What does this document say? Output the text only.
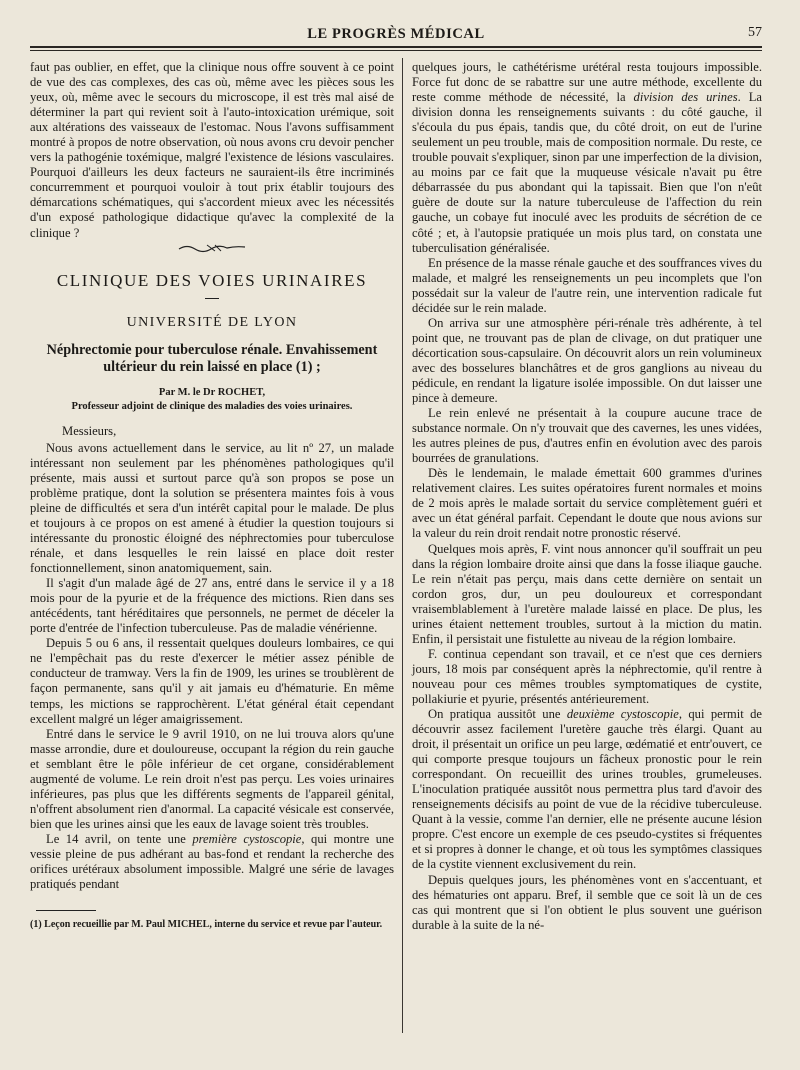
LE PROGRÈS MÉDICAL	57

faut pas oublier, en effet, que la clinique nous offre souvent à ce point de vue des cas complexes, des cas où, même avec les pièces sous les yeux, où, même avec le secours du microscope, il est très mal aisé de déterminer la part qui revient soit à l'auto-intoxication urémique, soit aux altérations des vaisseaux de l'estomac. Nous l'avons suffisamment montré à propos de notre observation, où nous avons cru devoir pencher vers la pathogénie toxémique, malgré l'existence de lésions vasculaires. Pourquoi d'ailleurs les deux facteurs ne sauraient-ils être incriminés concurremment et pourquoi vouloir à tout prix établir toujours des démarcations schématiques, qui s'accordent mieux avec les nécessités d'un exposé pathologique didactique qu'avec la complexité de la clinique ?

CLINIQUE DES VOIES URINAIRES
UNIVERSITÉ DE LYON
Néphrectomie pour tuberculose rénale. Envahissement ultérieur du rein laissé en place (1) ;
Par M. le Dr ROCHET,
Professeur adjoint de clinique des maladies des voies urinaires.

Messieurs,

Nous avons actuellement dans le service, au lit nº 27, un malade intéressant non seulement par les phénomènes pathologiques qu'il présente, mais aussi et surtout parce qu'à son propos se pose un problème pratique, dont la solution se présentera maintes fois à vous pleine de difficultés et sera d'un intérêt capital pour le malade. De plus et toujours à ce propos on est amené à étudier la question toujours si intéressante du pronostic éloigné des néphrectomies pour tuberculose rénale, et dans lesquelles le rein laissé en place doit rester fonctionnellement, sinon anatomiquement, sain.

Il s'agit d'un malade âgé de 27 ans, entré dans le service il y a 18 mois pour de la pyurie et de la fréquence des mictions. Rien dans ses antécédents, tant héréditaires que personnels, ne permet de déceler la porte d'entrée de l'infection tuberculeuse. Pas de maladie vénérienne.

Depuis 5 ou 6 ans, il ressentait quelques douleurs lombaires, ce qui ne l'empêchait pas du reste d'exercer le métier assez pénible de conducteur de tramway. Vers la fin de 1909, les urines se troublèrent de façon permanente, sans qu'il y ait jamais eu d'hématurie. En même temps, les mictions se rapprochèrent. L'état général était cependant excellent malgré un léger amaigrissement.

Entré dans le service le 9 avril 1910, on ne lui trouva alors qu'une masse arrondie, dure et douloureuse, occupant la région du rein gauche et semblant être le pôle inférieur de cet organe, considérablement augmenté de volume. Le rein droit n'est pas perçu. Les voies urinaires inférieures, pas plus que les différents segments de l'appareil génital, n'offrent absolument rien d'anormal. La capacité vésicale est conservée, bien que les urines ainsi que les eaux de lavage soient très troubles.

Le 14 avril, on tente une première cystoscopie, qui montre une vessie pleine de pus adhérant au bas-fond et rendant la recherche des orifices urétéraux absolument impossible. Malgré une série de lavages pratiqués pendant

(1) Leçon recueillie par M. Paul MICHEL, interne du service et revue par l'auteur.

quelques jours, le cathétérisme urétéral resta toujours impossible. Force fut donc de se rabattre sur une autre méthode, excellente du reste comme méthode de nécessité, la division des urines. La division donna les renseignements suivants : du côté gauche, il s'écoula du pus épais, tandis que, du côté droit, on eut de l'urine seulement un peu trouble, mais de composition normale. Du reste, ce trouble pouvait s'expliquer, sinon par une imperfection de la division, au moins par ce fait que la muqueuse vésicale n'avait pu être débarrassée du pus abondant qui la tapissait. Bien que l'on n'eût guère de doute sur la nature tuberculeuse de l'affection du rein gauche, un cobaye fut inoculé avec les produits de sécrétion de ce côté ; et, à l'autopsie pratiquée un mois plus tard, on constata une tuberculisation généralisée.

En présence de la masse rénale gauche et des souffrances vives du malade, et malgré les renseignements un peu incomplets que l'on possédait sur la valeur de l'autre rein, une intervention radicale fut décidée sur le rein malade.

On arriva sur une atmosphère péri-rénale très adhérente, à tel point que, ne trouvant pas de plan de clivage, on dut pratiquer une décortication sous-capsulaire. On découvrit alors un rein volumineux avec des bosselures blanchâtres et de gros ganglions au niveau du pédicule, en rendant la ligature isolée impossible. On dut laisser une pince à demeure.

Le rein enlevé ne présentait à la coupure aucune trace de substance normale. On n'y trouvait que des cavernes, les unes vidées, les autres pleines de pus, d'autres enfin en évolution avec des parois bourrées de granulations.

Dès le lendemain, le malade émettait 600 grammes d'urines relativement claires. Les suites opératoires furent normales et moins de 2 mois après le malade sortait du service complètement guéri et avec un état général parfait. Cependant le doute que nous avions sur la valeur du rein droit rendait notre pronostic réservé.

Quelques mois après, F. vint nous annoncer qu'il souffrait un peu dans la région lombaire droite ainsi que dans la fosse iliaque gauche. Le rein n'était pas perçu, mais dans cette dernière on sentait un cordon gros, dur, un peu douloureux et correspondant vraisemblablement à l'uretère malade laissé en place. De plus, les urines étaient nettement troubles, surtout à la miction du matin. Enfin, il persistait une fistulette au niveau de la région lombaire.

F. continua cependant son travail, et ce n'est que ces derniers jours, 18 mois par conséquent après la néphrectomie, qu'il rentre à nouveau pour ces mêmes troubles symptomatiques de cystite, pollakiurie et pyurie, présentés antérieurement.

On pratiqua aussitôt une deuxième cystoscopie, qui permit de découvrir assez facilement l'uretère gauche très élargi. Quant au droit, il présentait un orifice un peu large, œdématié et entr'ouvert, ce qui comporte presque toujours un fâcheux pronostic pour le rein correspondant. On recueillit des urines troubles, grumeleuses. L'inoculation pratiquée aussitôt nous permettra plus tard d'avoir des renseignements décisifs au point de vue de la récidive tuberculeuse. Quant à la vessie, comme l'an dernier, elle ne présente aucune lésion propre. C'est encore un exemple de ces pseudo-cystites si fréquentes et si propres à donner le change, et où tous les symptômes classiques de la cystite viennent exclusivement du rein.

Depuis quelques jours, les phénomènes vont en s'accentuant, et des hématuries ont apparu. Bref, il semble que ce soit là un de ces cas qui montrent que si l'on obtient le plus souvent une guérison durable à la suite de la né-
